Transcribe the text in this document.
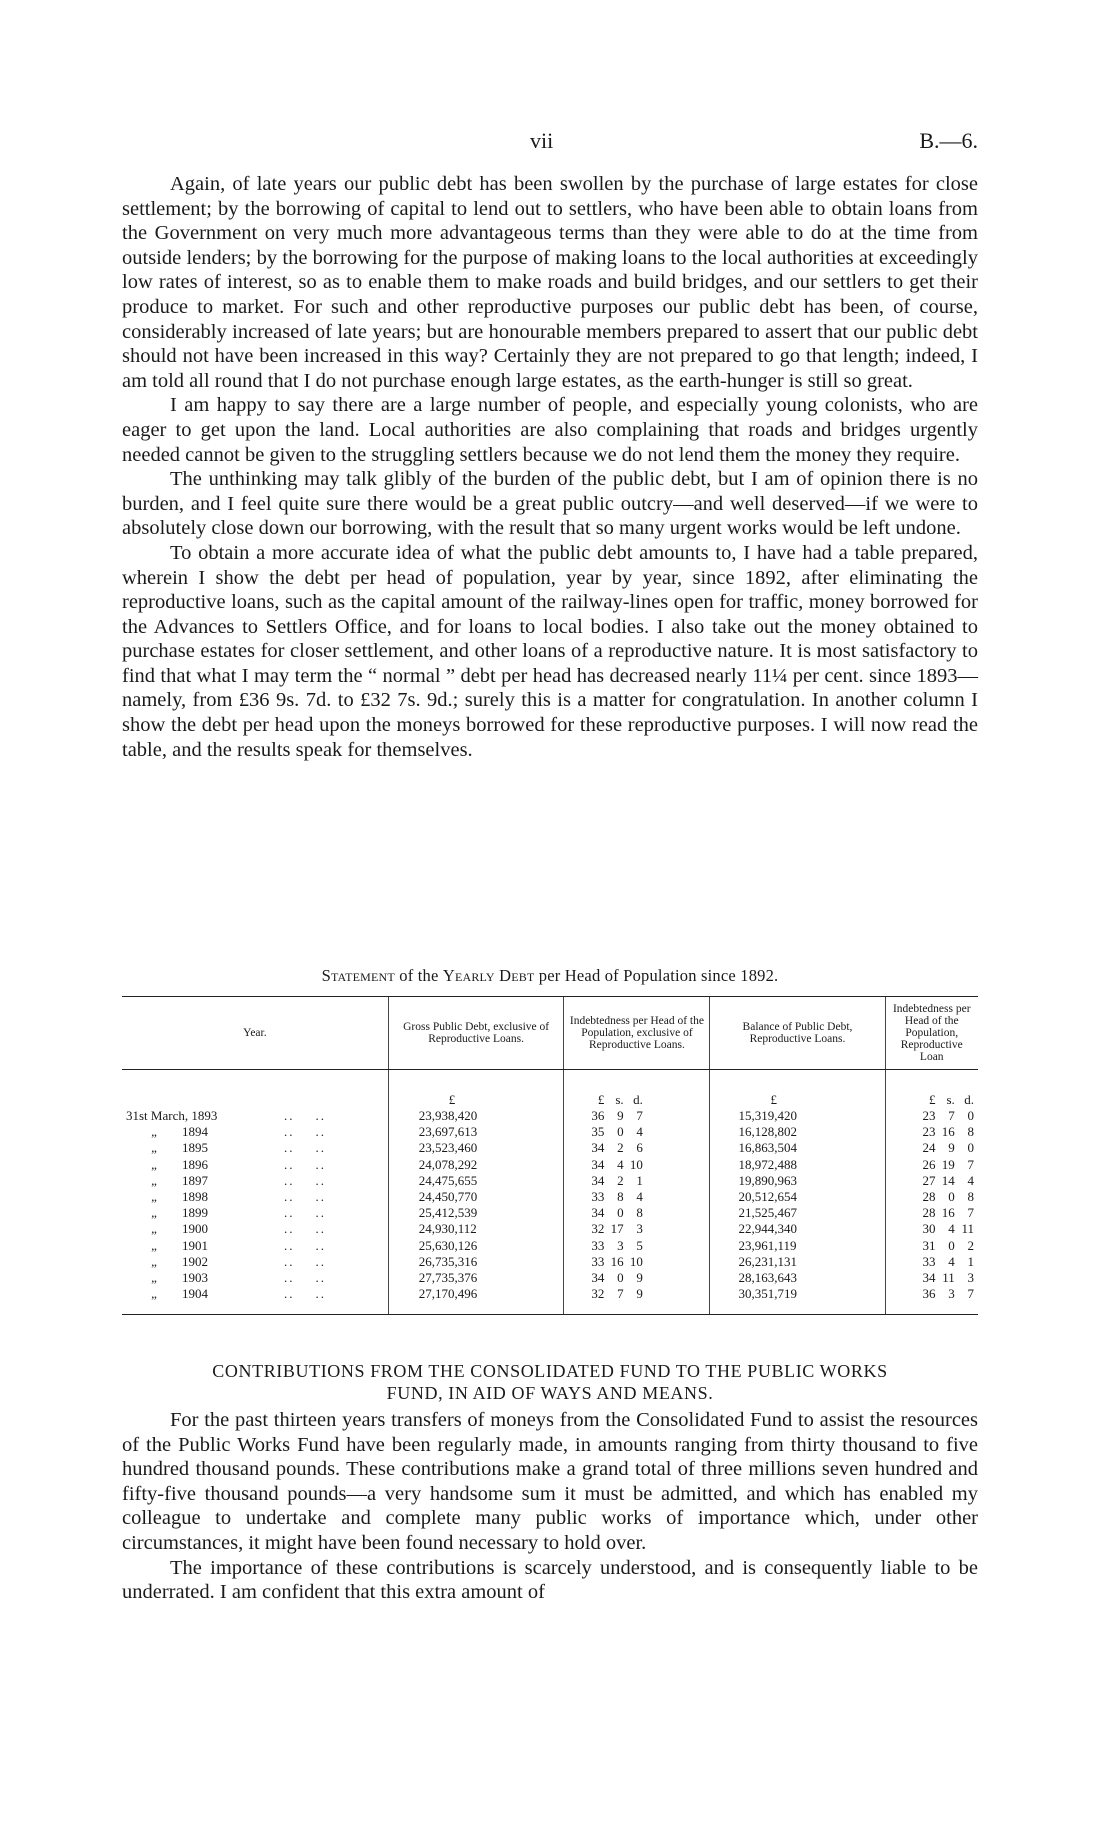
vii	B.—6.

Again, of late years our public debt has been swollen by the purchase of large estates for close settlement; by the borrowing of capital to lend out to settlers, who have been able to obtain loans from the Government on very much more advantageous terms than they were able to do at the time from outside lenders; by the borrowing for the purpose of making loans to the local authorities at exceedingly low rates of interest, so as to enable them to make roads and build bridges, and our settlers to get their produce to market. For such and other reproductive purposes our public debt has been, of course, considerably increased of late years; but are honourable members prepared to assert that our public debt should not have been increased in this way? Certainly they are not prepared to go that length; indeed, I am told all round that I do not purchase enough large estates, as the earth-hunger is still so great.

I am happy to say there are a large number of people, and especially young colonists, who are eager to get upon the land. Local authorities are also complaining that roads and bridges urgently needed cannot be given to the struggling settlers because we do not lend them the money they require.

The unthinking may talk glibly of the burden of the public debt, but I am of opinion there is no burden, and I feel quite sure there would be a great public outcry—and well deserved—if we were to absolutely close down our borrowing, with the result that so many urgent works would be left undone.

To obtain a more accurate idea of what the public debt amounts to, I have had a table prepared, wherein I show the debt per head of population, year by year, since 1892, after eliminating the reproductive loans, such as the capital amount of the railway-lines open for traffic, money borrowed for the Advances to Settlers Office, and for loans to local bodies. I also take out the money obtained to purchase estates for closer settlement, and other loans of a reproductive nature. It is most satisfactory to find that what I may term the “ normal ” debt per head has decreased nearly 11¼ per cent. since 1893—namely, from £36 9s. 7d. to £32 7s. 9d.; surely this is a matter for congratulation. In another column I show the debt per head upon the moneys borrowed for these reproductive purposes. I will now read the table, and the results speak for themselves.

Statement of the Yearly Debt per Head of Population since 1892.
Year.	Gross Public Debt, exclusive of Reproductive Loans.	Indebtedness per Head of the Population, exclusive of Reproductive Loans.	Balance of Public Debt, Reproductive Loans.	Indebtedness per Head of the Population, Reproductive Loan

	£	£ s. d.	£	£ s. d.
31st March, 1893 ..    ..	23,938,420	36 9 7	15,319,420	23 7 0
„ 1894 ..    ..	23,697,613	35 0 4	16,128,802	23 16 8
„ 1895 ..    ..	23,523,460	34 2 6	16,863,504	24 9 0
„ 1896 ..    ..	24,078,292	34 4 10	18,972,488	26 19 7
„ 1897 ..    ..	24,475,655	34 2 1	19,890,963	27 14 4
„ 1898 ..    ..	24,450,770	33 8 4	20,512,654	28 0 8
„ 1899 ..    ..	25,412,539	34 0 8	21,525,467	28 16 7
„ 1900 ..    ..	24,930,112	32 17 3	22,944,340	30 4 11
„ 1901 ..    ..	25,630,126	33 3 5	23,961,119	31 0 2
„ 1902 ..    ..	26,735,316	33 16 10	26,231,131	33 4 1
„ 1903 ..    ..	27,735,376	34 0 9	28,163,643	34 11 3
„ 1904 ..    ..	27,170,496	32 7 9	30,351,719	36 3 7
CONTRIBUTIONS FROM THE CONSOLIDATED FUND TO THE PUBLIC WORKS
FUND, IN AID OF WAYS AND MEANS.

For the past thirteen years transfers of moneys from the Consolidated Fund to assist the resources of the Public Works Fund have been regularly made, in amounts ranging from thirty thousand to five hundred thousand pounds. These contributions make a grand total of three millions seven hundred and fifty-five thousand pounds—a very handsome sum it must be admitted, and which has enabled my colleague to undertake and complete many public works of importance which, under other circumstances, it might have been found necessary to hold over.

The importance of these contributions is scarcely understood, and is consequently liable to be underrated. I am confident that this extra amount of
